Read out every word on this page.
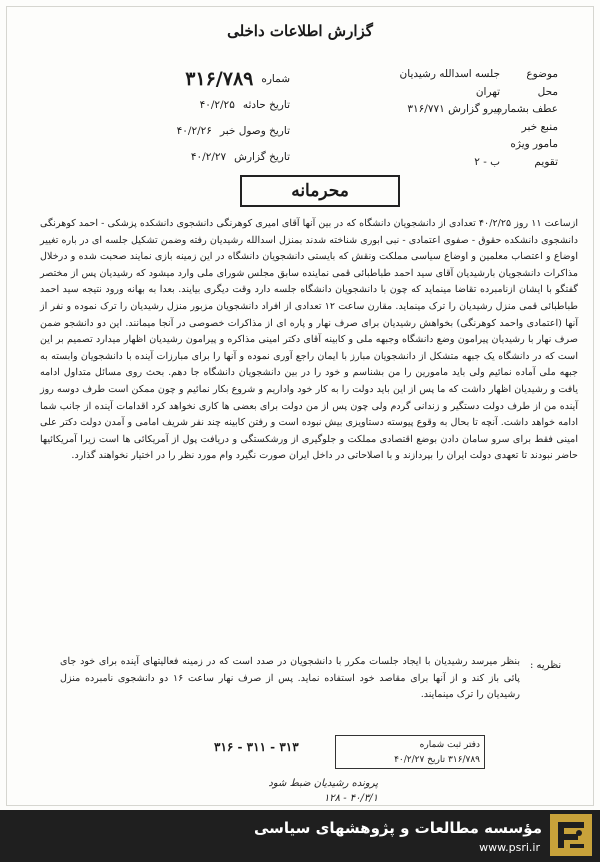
گزارش اطلاعات داخلی
موضوع
جلسه اسدالله رشیدیان
محل
تهران
عطف بشماره
پیرو گزارش ۳۱۶/۷۷۱
منبع خبر
مامور ویژه
تقویم
ب - ۲
شماره
۳۱۶/۷۸۹
تاریخ حادثه
۴۰/۲/۲۵
تاریخ وصول خبر
۴۰/۲/۲۶
تاریخ گزارش
۴۰/۲/۲۷
محرمانه
ازساعت ۱۱ روز ۴۰/۲/۲۵ تعدادی از دانشجویان دانشگاه که در بین آنها آقای امیری کوهرنگی دانشجوی دانشکده پزشکی - احمد کوهرنگی دانشجوی دانشکده حقوق - صفوی اعتمادی - نبی ابوری شناخته شدند بمنزل اسدالله رشیدیان رفته وضمن تشکیل جلسه ای در باره تغییر اوضاع و اعتصاب معلمین و اوضاع سیاسی مملکت ونقش که بایستی دانشجویان دانشگاه در این زمینه بازی نمایند صحبت شده و درخلال مذاکرات دانشجویان بارشیدیان آقای سید احمد طباطبائی قمی نماینده سابق مجلس شورای ملی وارد میشود که رشیدیان پس از مختصر گفتگو با ایشان ازنامبرده تقاضا مینماید که چون با دانشجویان دانشگاه جلسه دارد وقت دیگری بیایند. بعدا به بهانه ورود نتیجه سید احمد طباطبائی قمی منزل رشیدیان را ترک مینماید. مقارن ساعت ۱۲ تعدادی از افراد دانشجویان مزبور منزل رشیدیان را ترک نموده و نفر از آنها (اعتمادی واحمد کوهرنگی) بخواهش رشیدیان برای صرف نهار و پاره ای از مذاکرات خصوصی در آنجا میمانند. این دو دانشجو ضمن صرف نهار با رشیدیان پیرامون وضع دانشگاه وجبهه ملی و کابینه آقای دکتر امینی مذاکره و پیرامون رشیدیان اظهار میدارد تصمیم بر این است که در دانشگاه یک جبهه متشکل از دانشجویان مبارز با ایمان راجع آوری نموده و آنها را برای مبارزات آینده با دانشجویان وابسته به جبهه ملی آماده نمائیم ولی باید مامورین را من بشناسم و خود را در بین دانشجویان دانشگاه جا دهم. بحث روی مسائل متداول ادامه یافت و رشیدیان اظهار داشت که ما پس از این باید دولت را به کار خود واداریم و شروع بکار نمائیم و چون ممکن است طرف دوسه روز آینده من از طرف دولت دستگیر و زندانی گردم ولی چون پس از من دولت برای بعضی ها کاری نخواهد کرد اقدامات آینده از جانب شما ادامه خواهد داشت. آنچه تا بحال به وقوع پیوسته دستاویزی بیش نبوده است و رفتن کابینه چند نفر شریف امامی و آمدن دولت دکتر علی امینی فقط برای سرو سامان دادن بوضع اقتصادی مملکت و جلوگیری از ورشکستگی و دریافت پول از آمریکائی ها است زیرا آمریکائیها حاضر نبودند تا تعهدی دولت ایران را بپردازند و با اصلاحاتی در داخل ایران صورت نگیرد وام مورد نظر را در اختیار نخواهند گذارد.
نظریه :
بنظر میرسد رشیدیان با ایجاد جلسات مکرر با دانشجویان در صدد است که در زمینه فعالیتهای آینده برای خود جای پائی باز کند و از آنها برای مقاصد خود استفاده نماید. پس از صرف نهار ساعت ۱۶ دو دانشجوی نامبرده منزل رشیدیان را ترک مینمایند.
۳۱۶ - ۳۱۱ - ۳۱۳	دفتر ثبت شماره
۳۱۶/۷۸۹ تاریخ ۴۰/۲/۲۷
پرونده رشیدیان ضبط شود
۴۰/۳/۱ - ۱۲۸
مؤسسه مطالعات و پژوهشهای سیاسی
www.psri.ir
